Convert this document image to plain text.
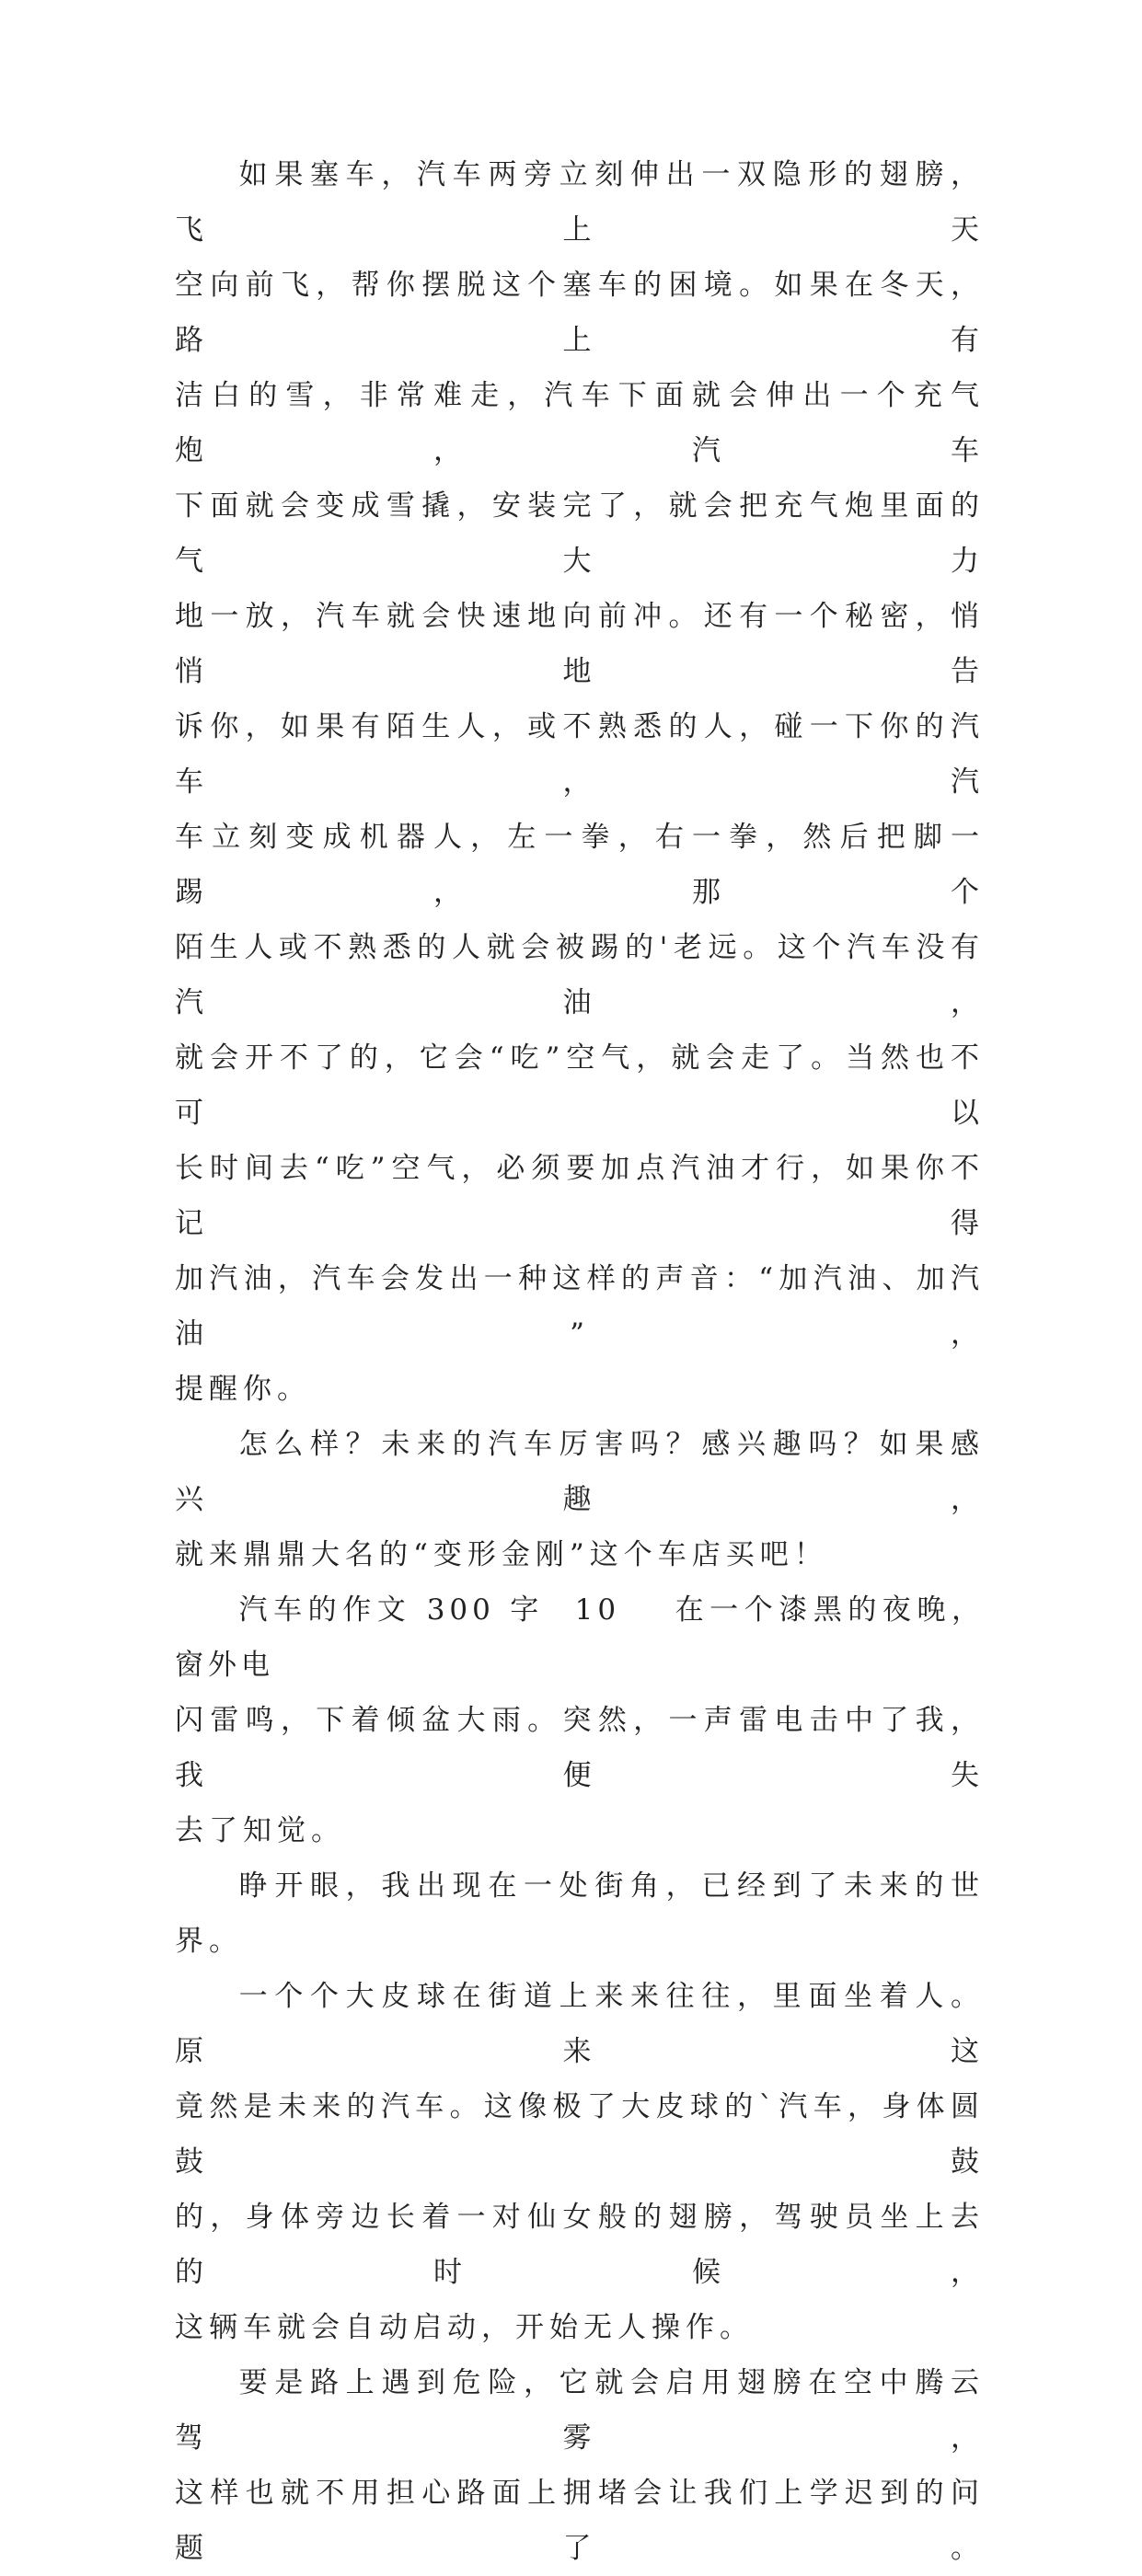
如果塞车，汽车两旁立刻伸出一双隐形的翅膀，飞上天
空向前飞，帮你摆脱这个塞车的困境。如果在冬天，路上有
洁白的雪，非常难走，汽车下面就会伸出一个充气炮，汽车
下面就会变成雪撬，安装完了，就会把充气炮里面的气大力
地一放，汽车就会快速地向前冲。还有一个秘密，悄悄地告
诉你，如果有陌生人，或不熟悉的人，碰一下你的汽车，汽
车立刻变成机器人，左一拳，右一拳，然后把脚一踢，那个
陌生人或不熟悉的人就会被踢的'老远。这个汽车没有汽油，
就会开不了的，它会“吃”空气，就会走了。当然也不可以
长时间去“吃”空气，必须要加点汽油才行，如果你不记得
加汽油，汽车会发出一种这样的声音：“加汽油、加汽油”，
提醒你。

怎么样？未来的汽车厉害吗？感兴趣吗？如果感兴趣，
就来鼎鼎大名的“变形金刚”这个车店买吧！

汽车的作文 300 字  10 在一个漆黑的夜晚，窗外电
闪雷鸣，下着倾盆大雨。突然，一声雷电击中了我，我便失
去了知觉。

睁开眼，我出现在一处街角，已经到了未来的世界。

一个个大皮球在街道上来来往往，里面坐着人。原来这
竟然是未来的汽车。这像极了大皮球的`汽车，身体圆鼓鼓
的，身体旁边长着一对仙女般的翅膀，驾驶员坐上去的时候，
这辆车就会自动启动，开始无人操作。

要是路上遇到危险，它就会启用翅膀在空中腾云驾雾，
这样也就不用担心路面上拥堵会让我们上学迟到的问题了。
